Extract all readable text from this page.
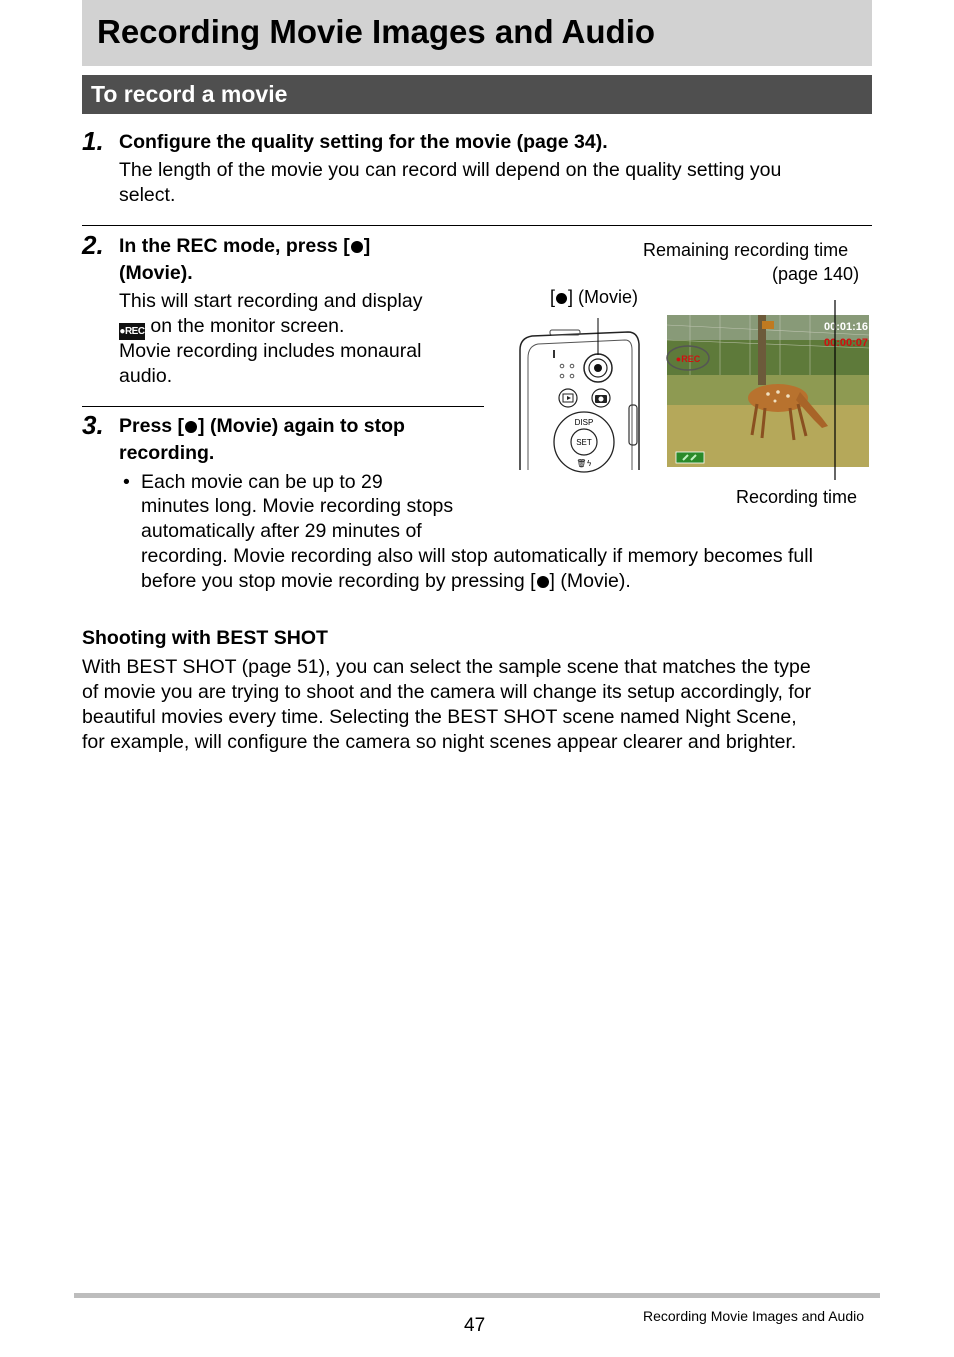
Recording Movie Images and Audio
To record a movie
1. Configure the quality setting for the movie (page 34).
The length of the movie you can record will depend on the quality setting you
select.
2. In the REC mode, press [ ]
(Movie).
This will start recording and display
●REC on the monitor screen.
Movie recording includes monaural
audio.
3. Press [ ] (Movie) again to stop
recording.
• Each movie can be up to 29
minutes long. Movie recording stops
automatically after 29 minutes of
recording. Movie recording also will stop automatically if memory becomes full
before you stop movie recording by pressing [ ] (Movie).
Remaining recording time
(page 140)
[ ] (Movie)
Recording time
DISP
SET
🗑ϟ
00:01:16
00:00:07
●REC
Shooting with BEST SHOT
With BEST SHOT (page 51), you can select the sample scene that matches the type
of movie you are trying to shoot and the camera will change its setup accordingly, for
beautiful movies every time. Selecting the BEST SHOT scene named Night Scene,
for example, will configure the camera so night scenes appear clearer and brighter.
47	Recording Movie Images and Audio
